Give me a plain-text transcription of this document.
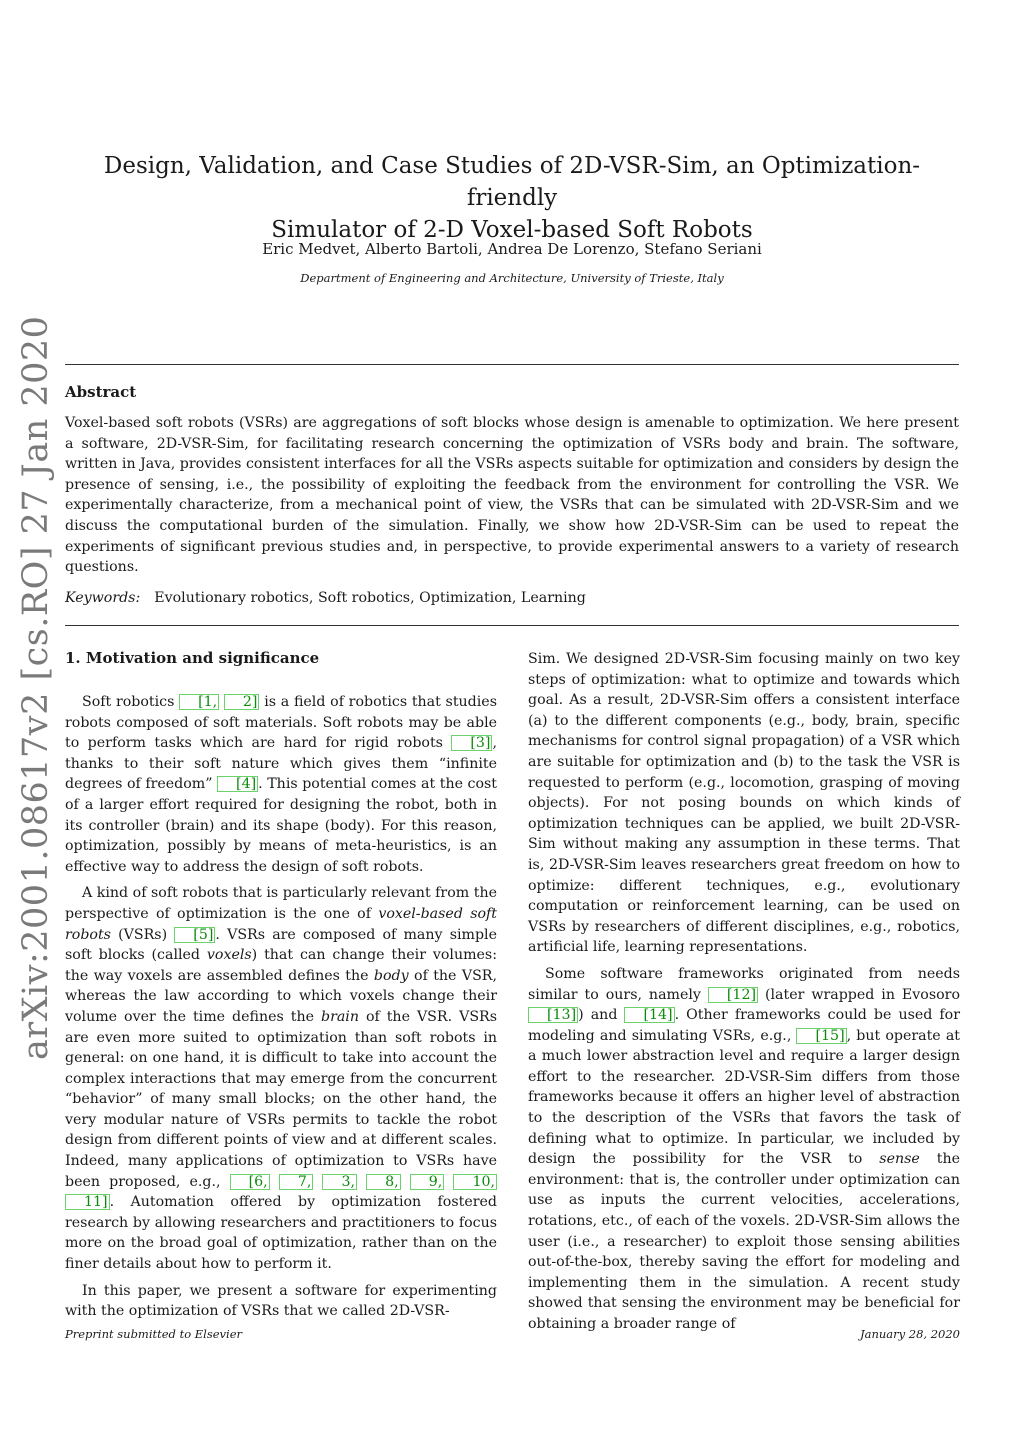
arXiv:2001.08617v2 [cs.RO] 27 Jan 2020
Design, Validation, and Case Studies of 2D-VSR-Sim, an Optimization-friendly
Simulator of 2-D Voxel-based Soft Robots
Eric Medvet, Alberto Bartoli, Andrea De Lorenzo, Stefano Seriani
Department of Engineering and Architecture, University of Trieste, Italy
Abstract
Voxel-based soft robots (VSRs) are aggregations of soft blocks whose design is amenable to optimization. We here present a software, 2D-VSR-Sim, for facilitating research concerning the optimization of VSRs body and brain. The software, written in Java, provides consistent interfaces for all the VSRs aspects suitable for optimization and considers by design the presence of sensing, i.e., the possibility of exploiting the feedback from the environment for controlling the VSR. We experimentally characterize, from a mechanical point of view, the VSRs that can be simulated with 2D-VSR-Sim and we discuss the computational burden of the simulation. Finally, we show how 2D-VSR-Sim can be used to repeat the experiments of significant previous studies and, in perspective, to provide experimental answers to a variety of research questions.
Keywords: Evolutionary robotics, Soft robotics, Optimization, Learning
1. Motivation and significance

Soft robotics [1, 2] is a field of robotics that studies robots composed of soft materials. Soft robots may be able to perform tasks which are hard for rigid robots [3] , thanks to their soft nature which gives them “infinite degrees of freedom” [4] . This potential comes at the cost of a larger effort required for designing the robot, both in its controller (brain) and its shape (body). For this reason, optimization, possibly by means of meta-heuristics, is an effective way to address the design of soft robots.

A kind of soft robots that is particularly relevant from the perspective of optimization is the one of voxel-based soft robots (VSRs) [5] . VSRs are composed of many simple soft blocks (called voxels) that can change their volumes: the way voxels are assembled defines the body of the VSR, whereas the law according to which voxels change their volume over the time defines the brain of the VSR. VSRs are even more suited to optimization than soft robots in general: on one hand, it is difficult to take into account the complex interactions that may emerge from the concurrent “behavior” of many small blocks; on the other hand, the very modular nature of VSRs permits to tackle the robot design from different points of view and at different scales. Indeed, many applications of optimization to VSRs have been proposed, e.g., [6, 7, 3, 8, 9, 10, 11] . Automation offered by optimization fostered research by allowing researchers and practitioners to focus more on the broad goal of optimization, rather than on the finer details about how to perform it.

In this paper, we present a software for experimenting with the optimization of VSRs that we called 2D-VSR-

Sim. We designed 2D-VSR-Sim focusing mainly on two key steps of optimization: what to optimize and towards which goal. As a result, 2D-VSR-Sim offers a consistent interface (a) to the different components (e.g., body, brain, specific mechanisms for control signal propagation) of a VSR which are suitable for optimization and (b) to the task the VSR is requested to perform (e.g., locomotion, grasping of moving objects). For not posing bounds on which kinds of optimization techniques can be applied, we built 2D-VSR-Sim without making any assumption in these terms. That is, 2D-VSR-Sim leaves researchers great freedom on how to optimize: different techniques, e.g., evolutionary computation or reinforcement learning, can be used on VSRs by researchers of different disciplines, e.g., robotics, artificial life, learning representations.

Some software frameworks originated from needs similar to ours, namely [12] (later wrapped in Evosoro [13] ) and [14] . Other frameworks could be used for modeling and simulating VSRs, e.g., [15] , but operate at a much lower abstraction level and require a larger design effort to the researcher. 2D-VSR-Sim differs from those frameworks because it offers an higher level of abstraction to the description of the VSRs that favors the task of defining what to optimize. In particular, we included by design the possibility for the VSR to sense the environment: that is, the controller under optimization can use as inputs the current velocities, accelerations, rotations, etc., of each of the voxels. 2D-VSR-Sim allows the user (i.e., a researcher) to exploit those sensing abilities out-of-the-box, thereby saving the effort for modeling and implementing them in the simulation. A recent study showed that sensing the environment may be beneficial for obtaining a broader range of

Preprint submitted to Elsevier	January 28, 2020
